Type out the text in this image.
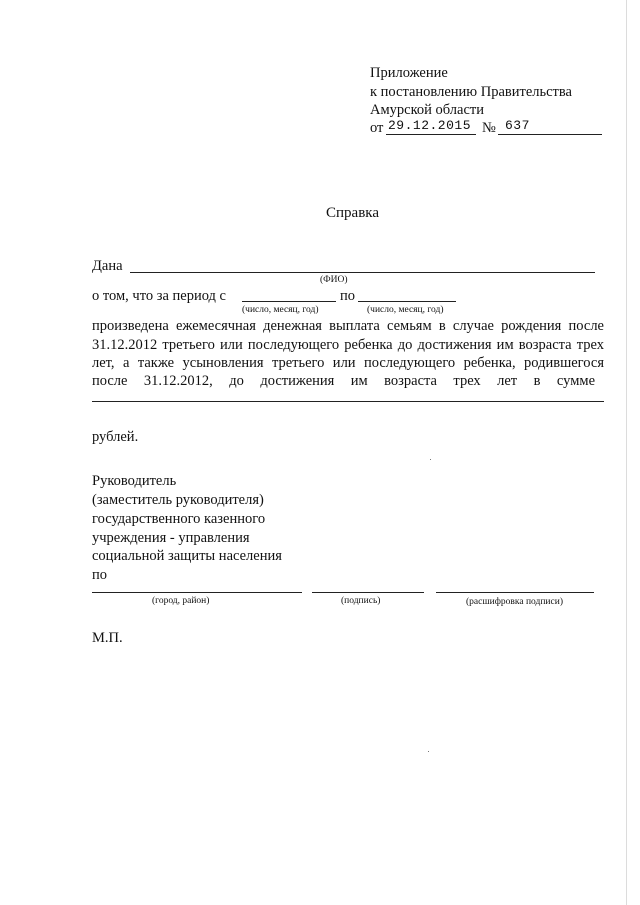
Приложение
к постановлению Правительства
Амурской области
от 29.12.2015 № 637
Справка
Дана
(ФИО)
о том, что за период с	по
(число, месяц, год)	(число, месяц, год)
произведена ежемесячная денежная выплата семьям в случае рождения после
31.12.2012 третьего или последующего ребенка до достижения им возраста трех
лет, а также усыновления третьего или последующего ребенка, родившегося
после 31.12.2012, до достижения им возраста трех лет в сумме
рублей.
Руководитель
(заместитель руководителя)
государственного казенного
учреждения - управления
социальной защиты населения
по
(город, район)	(подпись)	(расшифровка подписи)
М.П.
